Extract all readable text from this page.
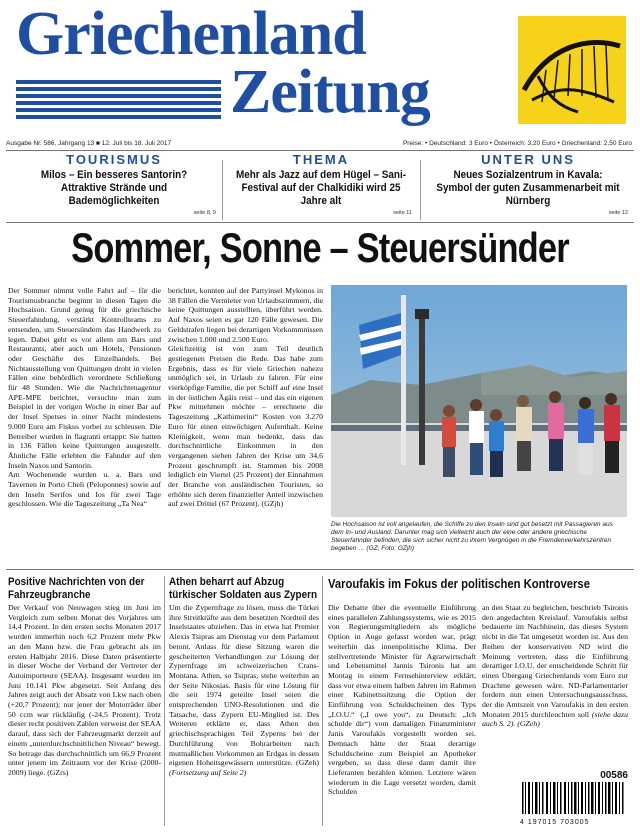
Griechenland
Zeitung
Ausgabe Nr. 586, Jahrgang 13 ■ 12. Juli bis 18. Juli 2017	Preise: • Deutschland: 3 Euro • Österreich: 3,20 Euro • Griechenland: 2,50 Euro
TOURISMUS
Milos – Ein besseres Santorin? Attraktive Strände und Bademöglichkeiten
seite 8, 9
THEMA
Mehr als Jazz auf dem Hügel – Sani-Festival auf der Chalkidiki wird 25 Jahre alt
seite 11
UNTER UNS
Neues Sozialzentrum in Kavala: Symbol der guten Zusammenarbeit mit Nürnberg
seite 12
Sommer, Sonne – Steuersünder
Der Sommer nimmt volle Fahrt auf – für die Tourismusbranche beginnt in diesen Tagen die Hochsaison. Grund genug für die griechische Steuerfahndung, verstärkt Kontrollteams zu entsenden, um Steuersündern das Handwerk zu legen. Dabei geht es vor allem um Bars und Restaurants, aber auch um Hotels, Pensionen oder Geschäfte des Einzelhandels. Bei Nichtausstellung von Quittungen droht in vielen Fällen eine behördlich verordnete Schließung für 48 Stunden. Wie die Nachrichtenagentur APE-MPE berichtet, versuchte man zum Beispiel in der vorigen Woche in einer Bar auf der Insel Spetses in einer Nacht mindestens 9.000 Euro am Fiskus vorbei zu schleusen. Die Betreiber wurden in flagranti ertappt: Sie hatten in 136 Fällen keine Quittungen ausgestellt. Ähnliche Fälle erlebten die Fahnder auf den Inseln Naxos und Santorin.
Am Wochenende wurden u. a. Bars und Tavernen in Porto Cheli (Peloponnes) sowie auf den Inseln Serifos und Ios für zwei Tage geschlossen. Wie die Tageszeitung „Ta Nea“
berichtet, konnten auf der Partyinsel Mykonos in 38 Fällen die Vermieter von Urlaubszimmern, die keine Quittungen ausstellten, überführt werden. Auf Naxos seien es gar 120 Fälle gewesen. Die Geldstrafen liegen bei derartigen Vorkommnissen zwischen 1.000 und 2.500 Euro.
Gleichzeitig ist von zum Teil deutlich gestiegenen Preisen die Rede. Das habe zum Ergebnis, dass es für viele Griechen nahezu unmöglich sei, in Urlaub zu fahren. Für eine vierköpfige Familie, die per Schiff auf eine Insel in der östlichen Ägäis reist – und das ein eigenen Pkw mitnehmen möchte – errechnete die Tageszeitung „Kathimerini“ Kosten von 3.270 Euro für einen einwöchigen Aufenthalt. Keine Kleinigkeit, wenn man bedenkt, dass das durchschnittliche Einkommen in den vergangenen sieben Jahren der Krise um 34,6 Prozent geschrumpft ist. Stammen bis 2008 lediglich ein Viertel (25 Prozent) der Einnahmen der Branche von ausländischen Touristen, so erhöhte sich deren finanzieller Anteil inzwischen auf zwei Drittel (67 Prozent). (GZjh)
Die Hochsaison ist voll angelaufen, die Schiffe zu den Inseln sind gut besetzt mit Passagieren aus dem In- und Ausland. Darunter mag sich vielleicht auch der eine oder andere griechische Steuerfahnder befinden, die sich sicher nicht zu ihrem Vergnügen in die Fremdenverkehrszentren begeben … (GZ; Foto: GZjh)
Positive Nachrichten von der Fahrzeugbranche
Der Verkauf von Neuwagen stieg im Juni im Vergleich zum selben Monat des Vorjahres um 14,4 Prozent. In den ersten sechs Monaten 2017 wurden immerhin noch 6,2 Prozent mehr Pkw an den Mann bzw. die Frau gebracht als im ersten Halbjahr 2016. Diese Daten präsentierte in dieser Woche der Verband der Vertreter der Autoimporteure (SEAA). Insgesamt wurden im Juni 10.141 Pkw abgesetzt. Seit Anfang des Jahres zeigt auch der Absatz von Lkw nach oben (+20,7 Prozent); nur jener der Motorräder über 50 ccm war rückläufig (-24,5 Prozent). Trotz dieser recht positiven Zahlen verweist der SEAA darauf, dass sich der Fahrzeugmarkt derzeit auf einem „unterdurchschnittlichen Niveau“ bewegt. So betrage das durchschnittlich um 66,9 Prozent unter jenem im Zeitraum vor der Krise (2000-2009) liege. (GZrs)
Athen beharrt auf Abzug türkischer Soldaten aus Zypern
Um die Zypernfrage zu lösen, muss die Türkei ihre Streitkräfte aus dem besetzten Nordteil des Inselstaates abziehen. Das in etwa hat Premier Alexis Tsipras am Dienstag vor dem Parlament betont. Anlass für diese Sitzung waren die gescheiterten Verhandlungen zur Lösung der Zypernfrage im schweizerischen Crans-Montana. Athen, so Tsipras, stehe weiterhin an der Seite Nikosias. Basis für eine Lösung für die seit 1974 geteilte Insel seien die entsprechenden UNO-Resolutionen und die Tatsache, dass Zypern EU-Mitglied ist. Des Weiteren erklärte er, dass Athen den griechischsprachigen Teil Zyperns bei der Durchführung von Bohrarbeiten nach mutmaßlichen Vorkommen an Erdgas in dessen eigenen Hoheitsgewässern unterstütze. (GZeh) (Fortsetzung auf Seite 2)
Varoufakis im Fokus der politischen Kontroverse
Die Debatte über die eventuelle Einführung eines parallelen Zahlungssystems, wie es 2015 von Regierungsmitgliedern als mögliche Option in Auge gefasst worden war, prägt weiterhin das innenpolitische Klima. Der stellvertretende Minister für Agrarwirtschaft und Lebensmittel Jannis Tsironis hat am Montag in einem Fernsehinterview erklärt, dass vor etwa einem halben Jahren im Rahmen einer Kabinettssitzung die Option der Einführung von Schuldscheinen des Typs „I.O.U.“ („I owe you“, zu Deutsch: „Ich schulde dir“) vom damaligen Finanzminister Janis Varoufakis vorgestellt worden sei. Demnach hätte der Staat derartige Schuldscheine zum Beispiel an Apotheker vergeben, so dass diese dann damit ihre Lieferanten bezahlen können. Letztere wären wiederum in die Lage versetzt worden, damit Schulden
an den Staat zu begleichen, beschrieb Tsironis den angedachten Kreislauf. Varoufakis selbst bedauerte im Nachhinein, das dieses System nicht in die Tat umgesetzt worden ist. Aus den Reihen der konservativen ND wird die Meinung vertreten, dass die Einführung derartiger I.O.U. der entscheidende Schritt für einen Übergang Griechenlands vom Euro zur Drachme gewesen wäre. ND-Parlamentarier fordern nun einen Untersuchungsausschuss, der die Amtszeit von Varoufakis in den ersten Monaten 2015 durchleuchten soll (siehe dazu auch S. 2). (GZeh)
00586
4 197015 703005
